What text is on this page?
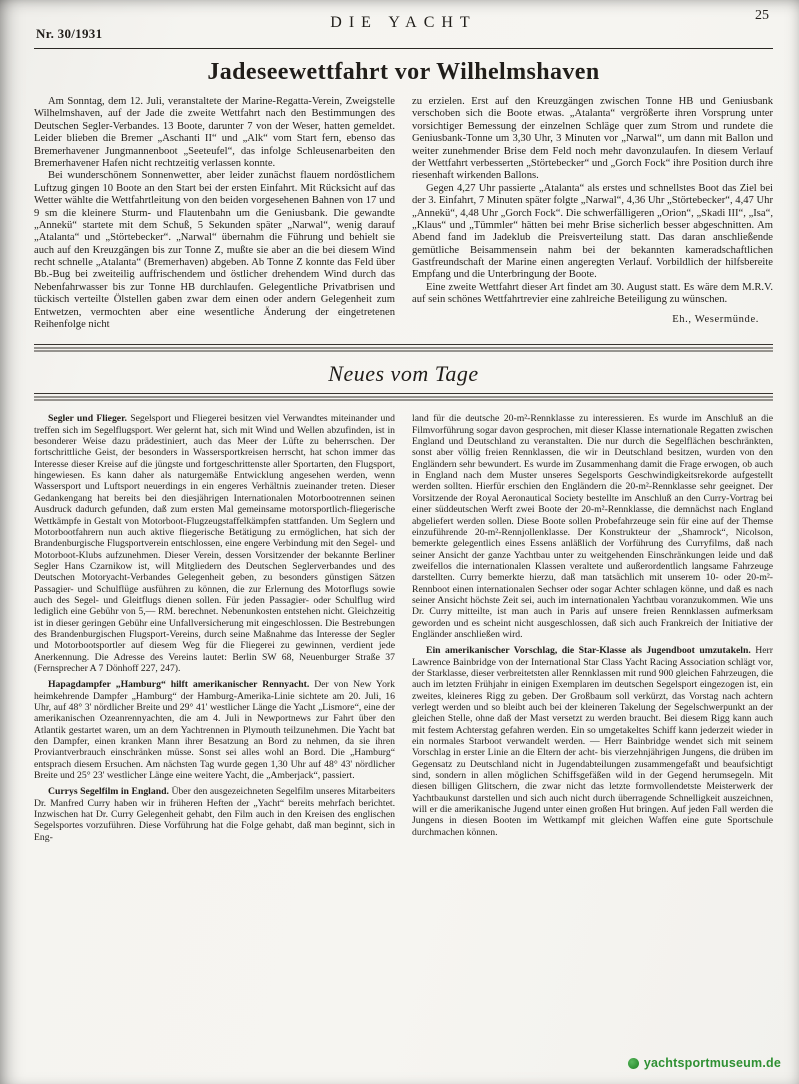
Nr. 30/1931
DIE YACHT	25
Jadeseewettfahrt vor Wilhelmshaven

Am Sonntag, dem 12. Juli, veranstaltete der Marine-Regatta-Verein, Zweigstelle Wilhelmshaven, auf der Jade die zweite Wettfahrt nach den Bestimmungen des Deutschen Segler-Verbandes. 13 Boote, darunter 7 von der Weser, hatten gemeldet. Leider blieben die Bremer „Aschanti II“ und „Alk“ vom Start fern, ebenso das Bremerhavener Jungmannenboot „Seeteufel“, das infolge Schleusenarbeiten den Bremerhavener Hafen nicht rechtzeitig verlassen konnte.

Bei wunderschönem Sonnenwetter, aber leider zunächst flauem nordöstlichem Luftzug gingen 10 Boote an den Start bei der ersten Einfahrt. Mit Rücksicht auf das Wetter wählte die Wettfahrtleitung von den beiden vorgesehenen Bahnen von 17 und 9 sm die kleinere Sturm- und Flautenbahn um die Geniusbank. Die gewandte „Annekü“ startete mit dem Schuß, 5 Sekunden später „Narwal“, wenig darauf „Atalanta“ und „Störtebecker“. „Narwal“ übernahm die Führung und behielt sie auch auf den Kreuzgängen bis zur Tonne Z, mußte sie aber an die bei diesem Wind recht schnelle „Atalanta“ (Bremerhaven) abgeben. Ab Tonne Z konnte das Feld über Bb.-Bug bei zweiteilig auffrischendem und östlicher drehendem Wind durch das Nebenfahrwasser bis zur Tonne HB durchlaufen. Gelegentliche Privatbrisen und tückisch verteilte Ölstellen gaben zwar dem einen oder andern Gelegenheit zum Entwetzen, vermochten aber eine wesentliche Änderung der eingetretenen Reihenfolge nicht

zu erzielen. Erst auf den Kreuzgängen zwischen Tonne HB und Geniusbank verschoben sich die Boote etwas. „Atalanta“ vergrößerte ihren Vorsprung unter vorsichtiger Bemessung der einzelnen Schläge quer zum Strom und rundete die Geniusbank-Tonne um 3,30 Uhr, 3 Minuten vor „Narwal“, um dann mit Ballon und weiter zunehmender Brise dem Feld noch mehr davonzulaufen. In diesem Verlauf der Wettfahrt verbesserten „Störtebecker“ und „Gorch Fock“ ihre Position durch ihre riesenhaft wirkenden Ballons.

Gegen 4,27 Uhr passierte „Atalanta“ als erstes und schnellstes Boot das Ziel bei der 3. Einfahrt, 7 Minuten später folgte „Narwal“, 4,36 Uhr „Störtebecker“, 4,47 Uhr „Annekü“, 4,48 Uhr „Gorch Fock“. Die schwerfälligeren „Orion“, „Skadi III“, „Isa“, „Klaus“ und „Tümmler“ hätten bei mehr Brise sicherlich besser abgeschnitten. Am Abend fand im Jadeklub die Preisverteilung statt. Das daran anschließende gemütliche Beisammensein nahm bei der bekannten kameradschaftlichen Gastfreundschaft der Marine einen angeregten Verlauf. Vorbildlich der hilfsbereite Empfang und die Unterbringung der Boote.

Eine zweite Wettfahrt dieser Art findet am 30. August statt. Es wäre dem M.R.V. auf sein schönes Wettfahrtrevier eine zahlreiche Beteiligung zu wünschen.

Eh., Wesermünde.

Neues vom Tage

Segler und Flieger. Segelsport und Fliegerei besitzen viel Verwandtes miteinander und treffen sich im Segelflugsport. Wer gelernt hat, sich mit Wind und Wellen abzufinden, ist in besonderer Weise dazu prädestiniert, auch das Meer der Lüfte zu beherrschen. Der fortschrittliche Geist, der besonders in Wassersportkreisen herrscht, hat schon immer das Interesse dieser Kreise auf die jüngste und fortgeschrittenste aller Sportarten, den Flugsport, hingewiesen. Es kann daher als naturgemäße Entwicklung angesehen werden, wenn Wassersport und Luftsport neuerdings in ein engeres Verhältnis zueinander treten. Dieser Gedankengang hat bereits bei den diesjährigen Internationalen Motorbootrennen seinen Ausdruck dadurch gefunden, daß zum ersten Mal gemeinsame motorsportlich-fliegerische Wettkämpfe in Gestalt von Motorboot-Flugzeugstaffelkämpfen stattfanden. Um Seglern und Motorbootfahrern nun auch aktive fliegerische Betätigung zu ermöglichen, hat sich der Brandenburgische Flugsportverein entschlossen, eine engere Verbindung mit den Segel- und Motorboot-Klubs aufzunehmen. Dieser Verein, dessen Vorsitzender der bekannte Berliner Segler Hans Czarnikow ist, will Mitgliedern des Deutschen Seglerverbandes und des Deutschen Motoryacht-Verbandes Gelegenheit geben, zu besonders günstigen Sätzen Passagier- und Schulflüge ausführen zu können, die zur Erlernung des Motorflugs sowie auch des Segel- und Gleitflugs dienen sollen. Für jeden Passagier- oder Schulflug wird lediglich eine Gebühr von 5,— RM. berechnet. Nebenunkosten entstehen nicht. Gleichzeitig ist in dieser geringen Gebühr eine Unfallversicherung mit eingeschlossen. Die Bestrebungen des Brandenburgischen Flugsport-Vereins, durch seine Maßnahme das Interesse der Segler und Motorbootsportler auf diesem Weg für die Fliegerei zu gewinnen, verdient jede Anerkennung. Die Adresse des Vereins lautet: Berlin SW 68, Neuenburger Straße 37 (Fernsprecher A 7 Dönhoff 227, 247).

Hapagdampfer „Hamburg“ hilft amerikanischer Rennyacht. Der von New York heimkehrende Dampfer „Hamburg“ der Hamburg-Amerika-Linie sichtete am 20. Juli, 16 Uhr, auf 48° 3' nördlicher Breite und 29° 41' westlicher Länge die Yacht „Lismore“, eine der amerikanischen Ozeanrennyachten, die am 4. Juli in Newportnews zur Fahrt über den Atlantik gestartet waren, um an dem Yachtrennen in Plymouth teilzunehmen. Die Yacht bat den Dampfer, einen kranken Mann ihrer Besatzung an Bord zu nehmen, da sie ihren Proviantverbrauch einschränken müsse. Sonst sei alles wohl an Bord. Die „Hamburg“ entsprach diesem Ersuchen. Am nächsten Tag wurde gegen 1,30 Uhr auf 48° 43' nördlicher Breite und 25° 23' westlicher Länge eine weitere Yacht, die „Amberjack“, passiert.

Currys Segelfilm in England. Über den ausgezeichneten Segelfilm unseres Mitarbeiters Dr. Manfred Curry haben wir in früheren Heften der „Yacht“ bereits mehrfach berichtet. Inzwischen hat Dr. Curry Gelegenheit gehabt, den Film auch in den Kreisen des englischen Segelsportes vorzuführen. Diese Vorführung hat die Folge gehabt, daß man beginnt, sich in Eng-

land für die deutsche 20-m²-Rennklasse zu interessieren. Es wurde im Anschluß an die Filmvorführung sogar davon gesprochen, mit dieser Klasse internationale Regatten zwischen England und Deutschland zu veranstalten. Die nur durch die Segelflächen beschränkten, sonst aber völlig freien Rennklassen, die wir in Deutschland besitzen, wurden von den Engländern sehr bewundert. Es wurde im Zusammenhang damit die Frage erwogen, ob auch in England nach dem Muster unseres Segelsports Geschwindigkeitsrekorde aufgestellt werden sollten. Hierfür erschien den Engländern die 20-m²-Rennklasse sehr geeignet. Der Vorsitzende der Royal Aeronautical Society bestellte im Anschluß an den Curry-Vortrag bei einer süddeutschen Werft zwei Boote der 20-m²-Rennklasse, die demnächst nach England abgeliefert werden sollen. Diese Boote sollen Probefahrzeuge sein für eine auf der Themse einzuführende 20-m²-Rennjollenklasse. Der Konstrukteur der „Shamrock“, Nicolson, bemerkte gelegentlich eines Essens anläßlich der Vorführung des Curryfilms, daß nach seiner Ansicht der ganze Yachtbau unter zu weitgehenden Einschränkungen leide und daß zweifellos die internationalen Klassen veraltete und außerordentlich langsame Fahrzeuge darstellten. Curry bemerkte hierzu, daß man tatsächlich mit unserem 10- oder 20-m²-Rennboot einen internationalen Sechser oder sogar Achter schlagen könne, und daß es nach seiner Ansicht höchste Zeit sei, auch im internationalen Yachtbau voranzukommen. Wie uns Dr. Curry mitteilte, ist man auch in Paris auf unsere freien Rennklassen aufmerksam geworden und es scheint nicht ausgeschlossen, daß sich auch Frankreich der Initiative der Engländer anschließen wird.

Ein amerikanischer Vorschlag, die Star-Klasse als Jugendboot umzutakeln. Herr Lawrence Bainbridge von der International Star Class Yacht Racing Association schlägt vor, der Starklasse, dieser verbreitetsten aller Rennklassen mit rund 900 gleichen Fahrzeugen, die auch im letzten Frühjahr in einigen Exemplaren im deutschen Segelsport eingezogen ist, ein zweites, kleineres Rigg zu geben. Der Großbaum soll verkürzt, das Vorstag nach achtern verlegt werden und so bleibt auch bei der kleineren Takelung der Segelschwerpunkt an der gleichen Stelle, ohne daß der Mast versetzt zu werden braucht. Bei diesem Rigg kann auch mit festem Achterstag gefahren werden. Ein so umgetakeltes Schiff kann jederzeit wieder in ein normales Starboot verwandelt werden. — Herr Bainbridge wendet sich mit seinem Vorschlag in erster Linie an die Eltern der acht- bis vierzehnjährigen Jungens, die drüben im Gegensatz zu Deutschland nicht in Jugendabteilungen zusammengefaßt und beaufsichtigt sind, sondern in allen möglichen Schiffsgefäßen wild in der Gegend herumsegeln. Mit diesen billigen Glitschern, die zwar nicht das letzte formvollendetste Meisterwerk der Yachtbaukunst darstellen und sich auch nicht durch überragende Schnelligkeit auszeichnen, will er die amerikanische Jugend unter einen großen Hut bringen. Auf jeden Fall werden die Jungens in diesen Booten im Wettkampf mit gleichen Waffen eine gute Sportschule durchmachen können.

yachtsportmuseum.de
